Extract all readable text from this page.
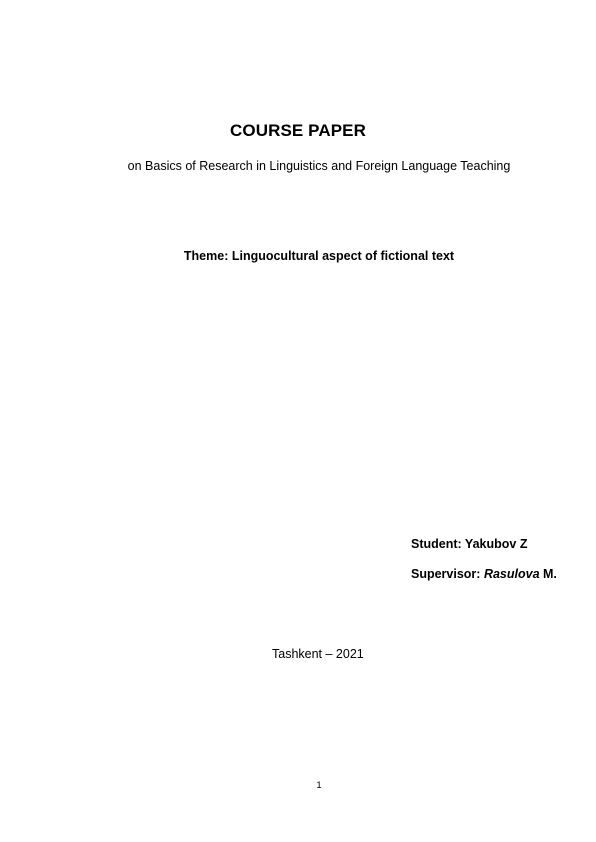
COURSE PAPER
on Basics of Research in Linguistics and Foreign Language Teaching
Theme: Linguocultural aspect of fictional text
Student: Yakubov Z
Supervisor: Rasulova M.
Tashkent – 2021
1
